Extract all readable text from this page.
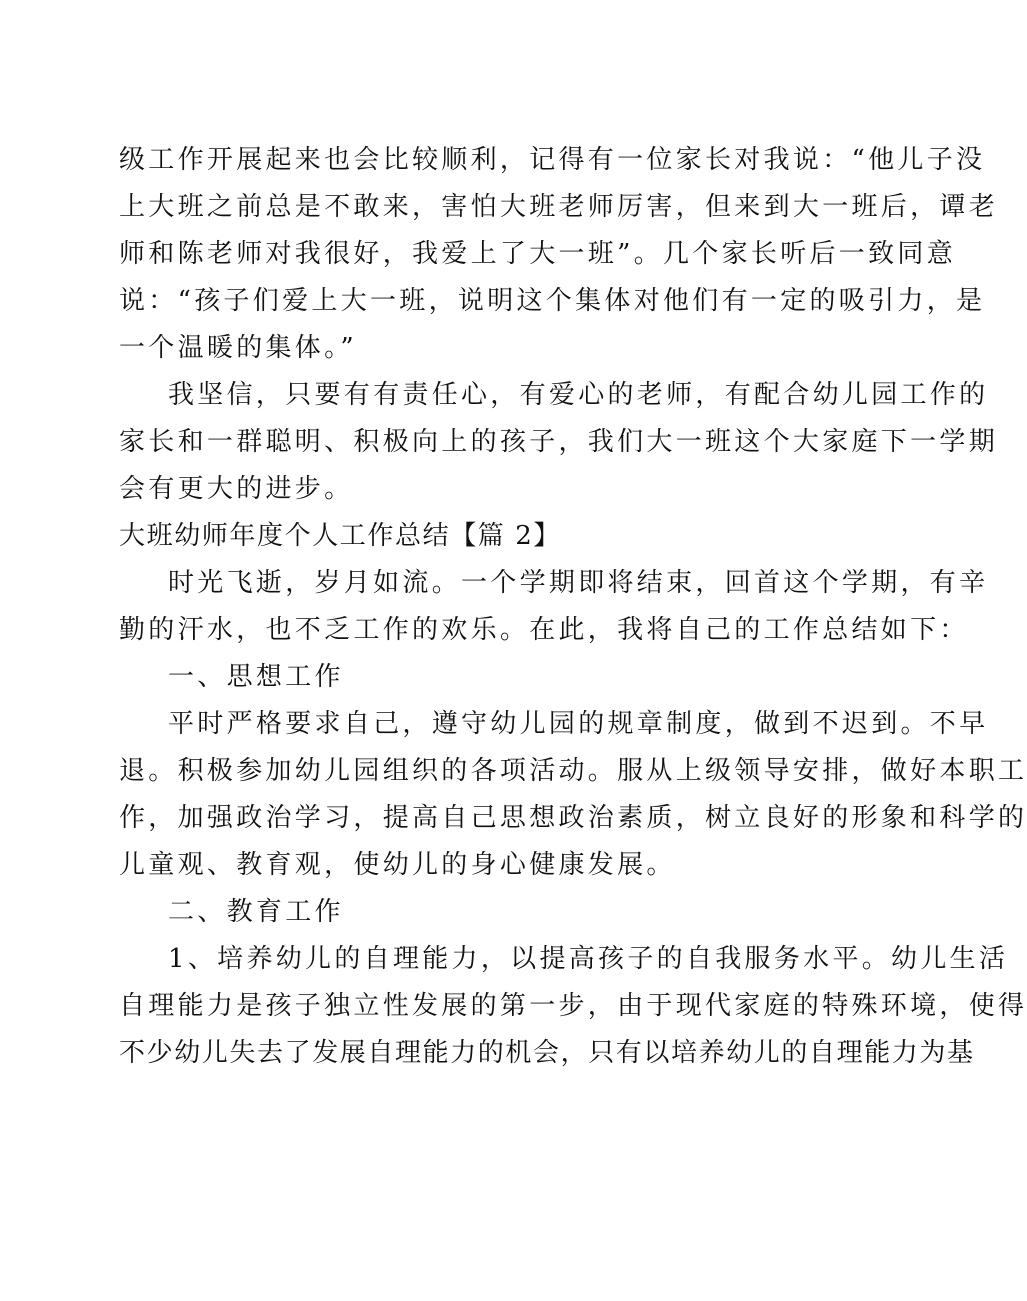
级工作开展起来也会比较顺利，记得有一位家长对我说：“他儿子没
上大班之前总是不敢来，害怕大班老师厉害，但来到大一班后，谭老
师和陈老师对我很好，我爱上了大一班”。几个家长听后一致同意
说：“孩子们爱上大一班，说明这个集体对他们有一定的吸引力，是
一个温暖的集体。”
我坚信，只要有有责任心，有爱心的老师，有配合幼儿园工作的
家长和一群聪明、积极向上的孩子，我们大一班这个大家庭下一学期
会有更大的进步。
大班幼师年度个人工作总结【篇 2】
时光飞逝，岁月如流。一个学期即将结束，回首这个学期，有辛
勤的汗水，也不乏工作的欢乐。在此，我将自己的工作总结如下：
一、思想工作
平时严格要求自己，遵守幼儿园的规章制度，做到不迟到。不早
退。积极参加幼儿园组织的各项活动。服从上级领导安排，做好本职工
作，加强政治学习，提高自己思想政治素质，树立良好的形象和科学的
儿童观、教育观，使幼儿的身心健康发展。
二、教育工作
1、培养幼儿的自理能力，以提高孩子的自我服务水平。幼儿生活
自理能力是孩子独立性发展的第一步，由于现代家庭的特殊环境，使得
不少幼儿失去了发展自理能力的机会，只有以培养幼儿的自理能力为基
